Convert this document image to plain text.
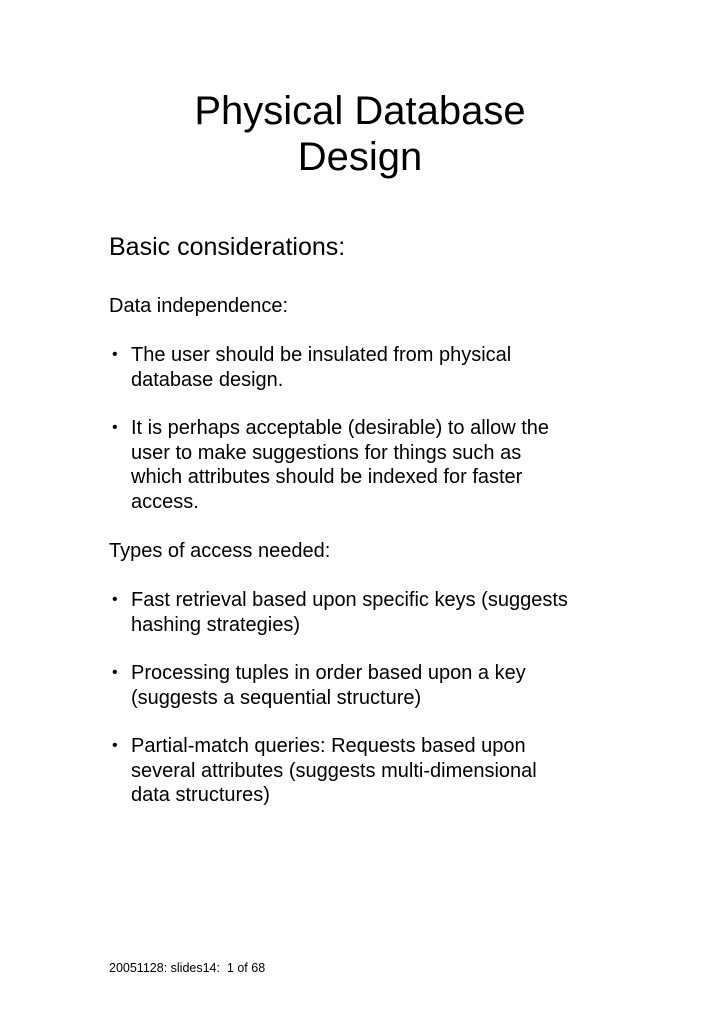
Physical Database
Design
Basic considerations:
Data independence:
• The user should be insulated from physical
database design.
• It is perhaps acceptable (desirable) to allow the
user to make suggestions for things such as
which attributes should be indexed for faster
access.
Types of access needed:
• Fast retrieval based upon specific keys (suggests
hashing strategies)
• Processing tuples in order based upon a key
(suggests a sequential structure)
• Partial-match queries: Requests based upon
several attributes (suggests multi-dimensional
data structures)
20051128: slides14:  1 of 68
